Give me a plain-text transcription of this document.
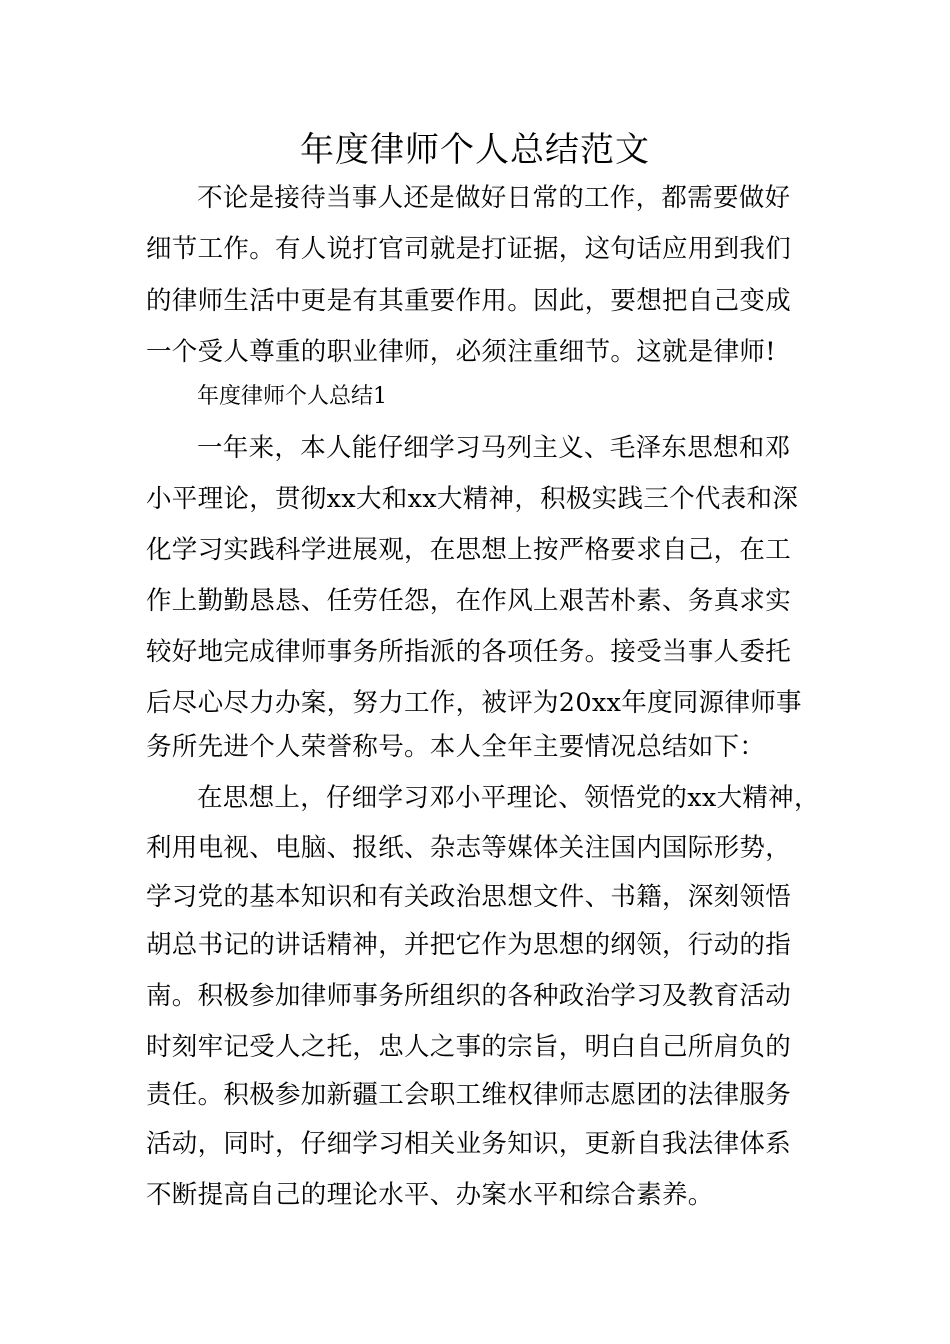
年度律师个人总结范文
不论是接待当事人还是做好日常的工作，都需要做好
细节工作。有人说打官司就是打证据，这句话应用到我们
的律师生活中更是有其重要作用。因此，要想把自己变成
一个受人尊重的职业律师，必须注重细节。这就是律师!
年度律师个人总结1
一年来，本人能仔细学习马列主义、毛泽东思想和邓
小平理论，贯彻xx大和xx大精神，积极实践三个代表和深
化学习实践科学进展观，在思想上按严格要求自己，在工
作上勤勤恳恳、任劳任怨，在作风上艰苦朴素、务真求实
较好地完成律师事务所指派的各项任务。接受当事人委托
后尽心尽力办案，努力工作，被评为20xx年度同源律师事
务所先进个人荣誉称号。本人全年主要情况总结如下：
在思想上，仔细学习邓小平理论、领悟党的xx大精神，
利用电视、电脑、报纸、杂志等媒体关注国内国际形势，
学习党的基本知识和有关政治思想文件、书籍，深刻领悟
胡总书记的讲话精神，并把它作为思想的纲领，行动的指
南。积极参加律师事务所组织的各种政治学习及教育活动
时刻牢记受人之托，忠人之事的宗旨，明白自己所肩负的
责任。积极参加新疆工会职工维权律师志愿团的法律服务
活动，同时，仔细学习相关业务知识，更新自我法律体系
不断提高自己的理论水平、办案水平和综合素养。
